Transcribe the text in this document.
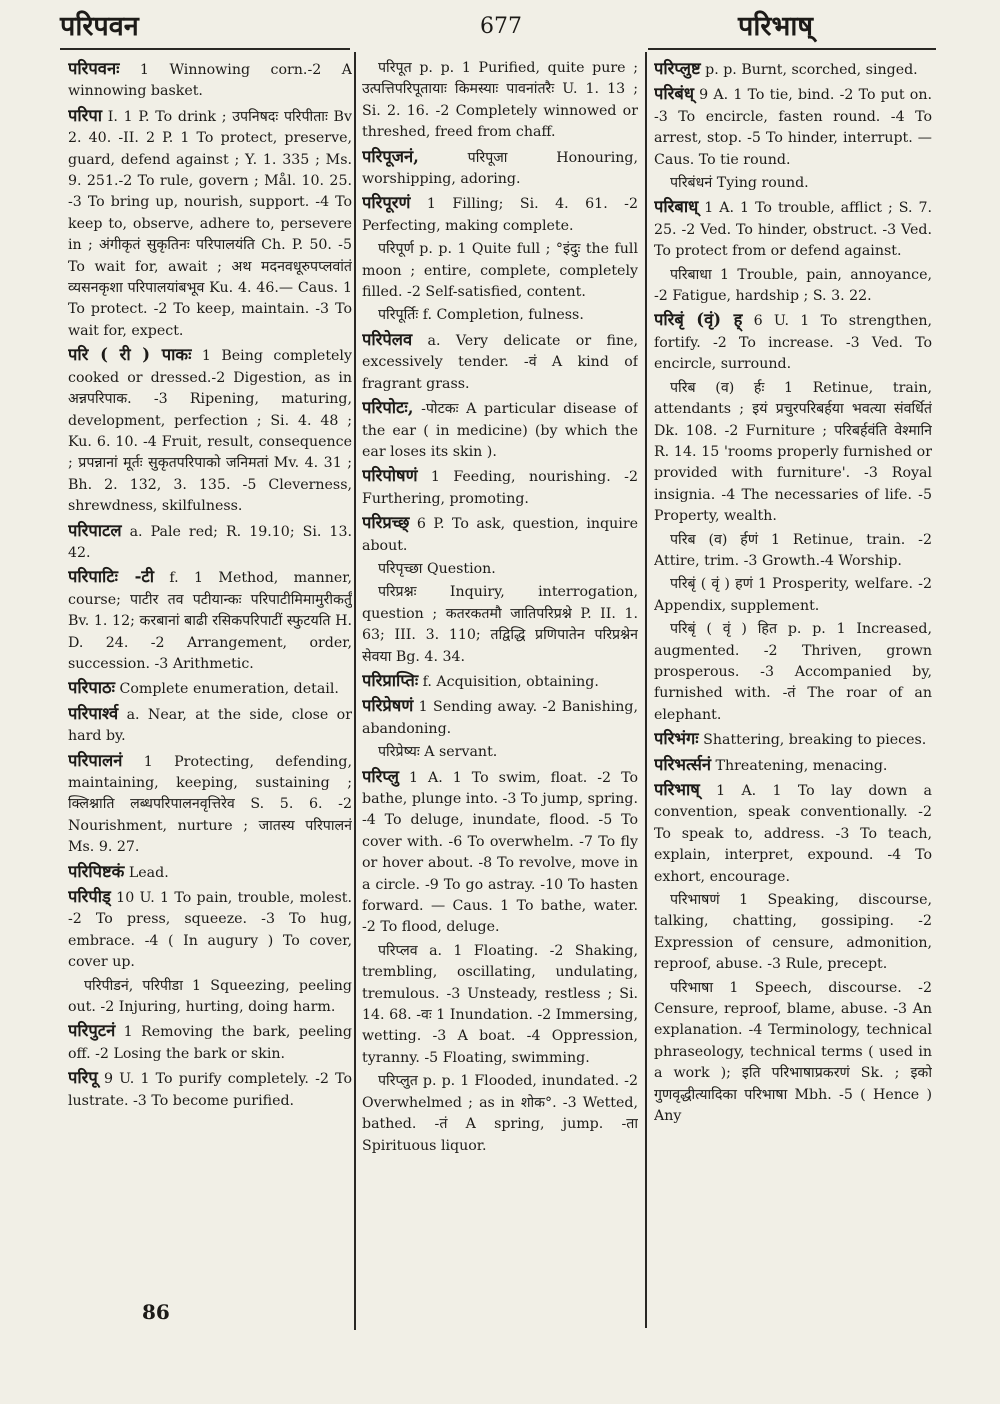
परिपवन	677	परिभाष्
परिपवनः 1 Winnowing corn.-2 A winnowing basket.
परिपा I. 1 P. To drink ; उपनिषदः परिपीताः Bv 2. 40. -II. 2 P. 1 To protect, preserve, guard, defend against ; Y. 1. 335 ; Ms. 9. 251.-2 To rule, govern ; Mål. 10. 25. -3 To bring up, nourish, support. -4 To keep to, observe, adhere to, persevere in ; अंगीकृतं सुकृतिनः परिपालयंति Ch. P. 50. -5 To wait for, await ; अथ मदनवधूरुपप्लवांतं व्यसनकृशा परिपालयांबभूव Ku. 4. 46.— Caus. 1 To protect. -2 To keep, maintain. -3 To wait for, expect.
परि ( री ) पाकः 1 Being completely cooked or dressed.-2 Digestion, as in अन्नपरिपाक. -3 Ripening, maturing, development, perfection ; Si. 4. 48 ; Ku. 6. 10. -4 Fruit, result, consequence ; प्रपन्नानां मूर्तः सुकृतपरिपाको जनिमतां Mv. 4. 31 ; Bh. 2. 132, 3. 135. -5 Cleverness, shrewdness, skilfulness.
परिपाटल a. Pale red; R. 19.10; Si. 13. 42.
परिपाटिः -टी f. 1 Method, manner, course; पाटीर तव पटीयान्कः परिपाटीमिमामुरीकर्तुं Bv. 1. 12; करबानां बाढी रसिकपरिपाटीं स्फुटयति H. D. 24. -2 Arrangement, order, succession. -3 Arithmetic.
परिपाठः Complete enumeration, detail.
परिपार्श्व a. Near, at the side, close or hard by.
परिपालनं 1 Protecting, defending, maintaining, keeping, sustaining ; क्लिश्नाति लब्धपरिपालनवृत्तिरेव S. 5. 6. -2 Nourishment, nurture ; जातस्य परिपालनं Ms. 9. 27.
परिपिष्टकं Lead.
परिपीड् 10 U. 1 To pain, trouble, molest. -2 To press, squeeze. -3 To hug, embrace. -4 ( In augury ) To cover, cover up.
परिपीडनं, परिपीडा 1 Squeezing, peeling out. -2 Injuring, hurting, doing harm.
परिपुटनं 1 Removing the bark, peeling off. -2 Losing the bark or skin.
परिपू 9 U. 1 To purify completely. -2 To lustrate. -3 To become purified.
परिपूत p. p. 1 Purified, quite pure ; उत्पत्तिपरिपूतायाः किमस्याः पावनांतरैः U. 1. 13 ; Si. 2. 16. -2 Completely winnowed or threshed, freed from chaff.
परिपूजनं, परिपूजा Honouring, worshipping, adoring.
परिपूरणं 1 Filling; Si. 4. 61. -2 Perfecting, making complete.
परिपूर्ण p. p. 1 Quite full ; °इंदुः the full moon ; entire, complete, completely filled. -2 Self-satisfied, content.
परिपूर्तिः f. Completion, fulness.
परिपेलव a. Very delicate or fine, excessively tender. -वं A kind of fragrant grass.
परिपोटः, -पोटकः A particular disease of the ear ( in medicine) (by which the ear loses its skin ).
परिपोषणं 1 Feeding, nourishing. -2 Furthering, promoting.
परिप्रच्छ् 6 P. To ask, question, inquire about.
परिपृच्छा Question.
परिप्रश्नः Inquiry, interrogation, question ; कतरकतमौ जातिपरिप्रश्ने P. II. 1. 63; III. 3. 110; तद्विद्धि प्रणिपातेन परिप्रश्नेन सेवया Bg. 4. 34.
परिप्राप्तिः f. Acquisition, obtaining.
परिप्रेषणं 1 Sending away. -2 Banishing, abandoning.
परिप्रेष्यः A servant.
परिप्लु 1 A. 1 To swim, float. -2 To bathe, plunge into. -3 To jump, spring. -4 To deluge, inundate, flood. -5 To cover with. -6 To overwhelm. -7 To fly or hover about. -8 To revolve, move in a circle. -9 To go astray. -10 To hasten forward. — Caus. 1 To bathe, water. -2 To flood, deluge.
परिप्लव a. 1 Floating. -2 Shaking, trembling, oscillating, undulating, tremulous. -3 Unsteady, restless ; Si. 14. 68. -वः 1 Inundation. -2 Immersing, wetting. -3 A boat. -4 Oppression, tyranny. -5 Floating, swimming.
परिप्लुत p. p. 1 Flooded, inundated. -2 Overwhelmed ; as in शोक°. -3 Wetted, bathed. -तं A spring, jump. -ता Spirituous liquor.
परिप्लुष्ट p. p. Burnt, scorched, singed.
परिबंध् 9 A. 1 To tie, bind. -2 To put on. -3 To encircle, fasten round. -4 To arrest, stop. -5 To hinder, interrupt. — Caus. To tie round.
परिबंधनं Tying round.
परिबाध् 1 A. 1 To trouble, afflict ; S. 7. 25. -2 Ved. To hinder, obstruct. -3 Ved. To protect from or defend against.
परिबाधा 1 Trouble, pain, annoyance, -2 Fatigue, hardship ; S. 3. 22.
परिबृं (वृं) ह् 6 U. 1 To strengthen, fortify. -2 To increase. -3 Ved. To encircle, surround.
परिब (व) र्हः 1 Retinue, train, attendants ; इयं प्रचुरपरिबर्हया भवत्या संवर्धितं Dk. 108. -2 Furniture ; परिबर्हवंति वेश्मानि R. 14. 15 'rooms properly furnished or provided with furniture'. -3 Royal insignia. -4 The necessaries of life. -5 Property, wealth.
परिब (व) र्हणं 1 Retinue, train. -2 Attire, trim. -3 Growth.-4 Worship.
परिबृं ( वृं ) हणं 1 Prosperity, welfare. -2 Appendix, supplement.
परिबृं ( वृं ) हित p. p. 1 Increased, augmented. -2 Thriven, grown prosperous. -3 Accompanied by, furnished with. -तं The roar of an elephant.
परिभंगः Shattering, breaking to pieces.
परिभर्त्सनं Threatening, menacing.
परिभाष् 1 A. 1 To lay down a convention, speak conventionally. -2 To speak to, address. -3 To teach, explain, interpret, expound. -4 To exhort, encourage.
परिभाषणं 1 Speaking, discourse, talking, chatting, gossiping. -2 Expression of censure, admonition, reproof, abuse. -3 Rule, precept.
परिभाषा 1 Speech, discourse. -2 Censure, reproof, blame, abuse. -3 An explanation. -4 Terminology, technical phraseology, technical terms ( used in a work ); इति परिभाषाप्रकरणं Sk. ; इको गुणवृद्धीत्यादिका परिभाषा Mbh. -5 ( Hence ) Any
86
